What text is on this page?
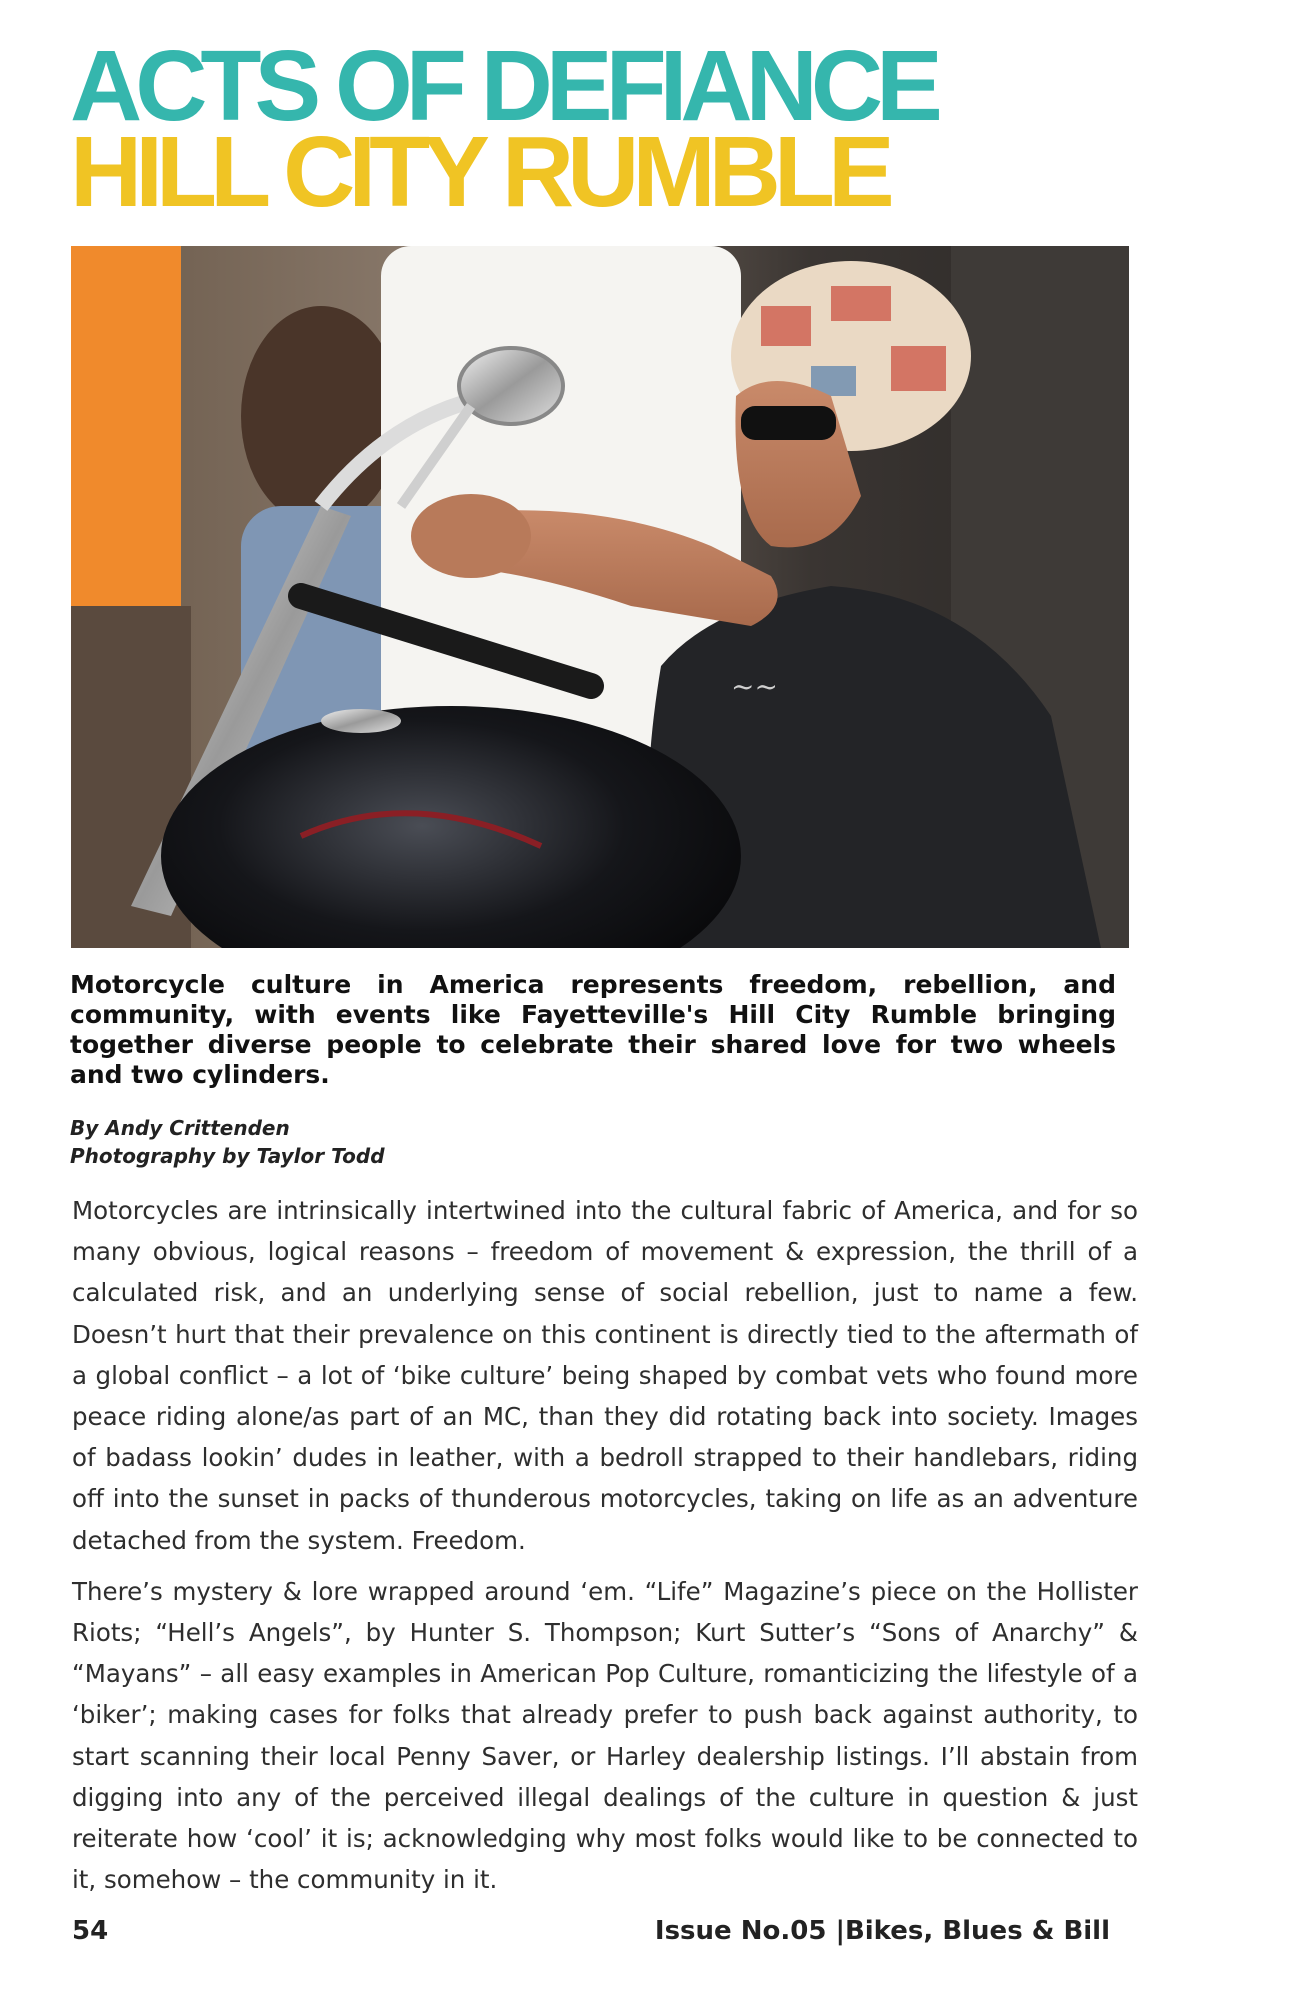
ACTS OF DEFIANCE
HILL CITY RUMBLE
~~

Motorcycle culture in America represents freedom, rebellion, and community, with events like Fayetteville's Hill City Rumble bringing together diverse people to celebrate their shared love for two wheels and two cylinders.

By Andy Crittenden
Photography by Taylor Todd

Motorcycles are intrinsically intertwined into the cultural fabric of America, and for so many obvious, logical reasons – freedom of movement & expression, the thrill of a calculated risk, and an underlying sense of social rebellion, just to name a few. Doesn’t hurt that their prevalence on this continent is directly tied to the aftermath of a global conflict – a lot of ‘bike culture’ being shaped by combat vets who found more peace riding alone/as part of an MC, than they did rotating back into society. Images of badass lookin’ dudes in leather, with a bedroll strapped to their handlebars, riding off into the sunset in packs of thunderous motorcycles, taking on life as an adventure detached from the system. Freedom.

There’s mystery & lore wrapped around ‘em. “Life” Magazine’s piece on the Hollister Riots; “Hell’s Angels”, by Hunter S. Thompson; Kurt Sutter’s “Sons of Anarchy” & “Mayans” – all easy examples in American Pop Culture, romanticizing the lifestyle of a ‘biker’; making cases for folks that already prefer to push back against authority, to start scanning their local Penny Saver, or Harley dealership listings. I’ll abstain from digging into any of the perceived illegal dealings of the culture in question & just reiterate how ‘cool’ it is; acknowledging why most folks would like to be connected to it, somehow – the community in it.

54	Issue No.05 |Bikes, Blues & Bill
